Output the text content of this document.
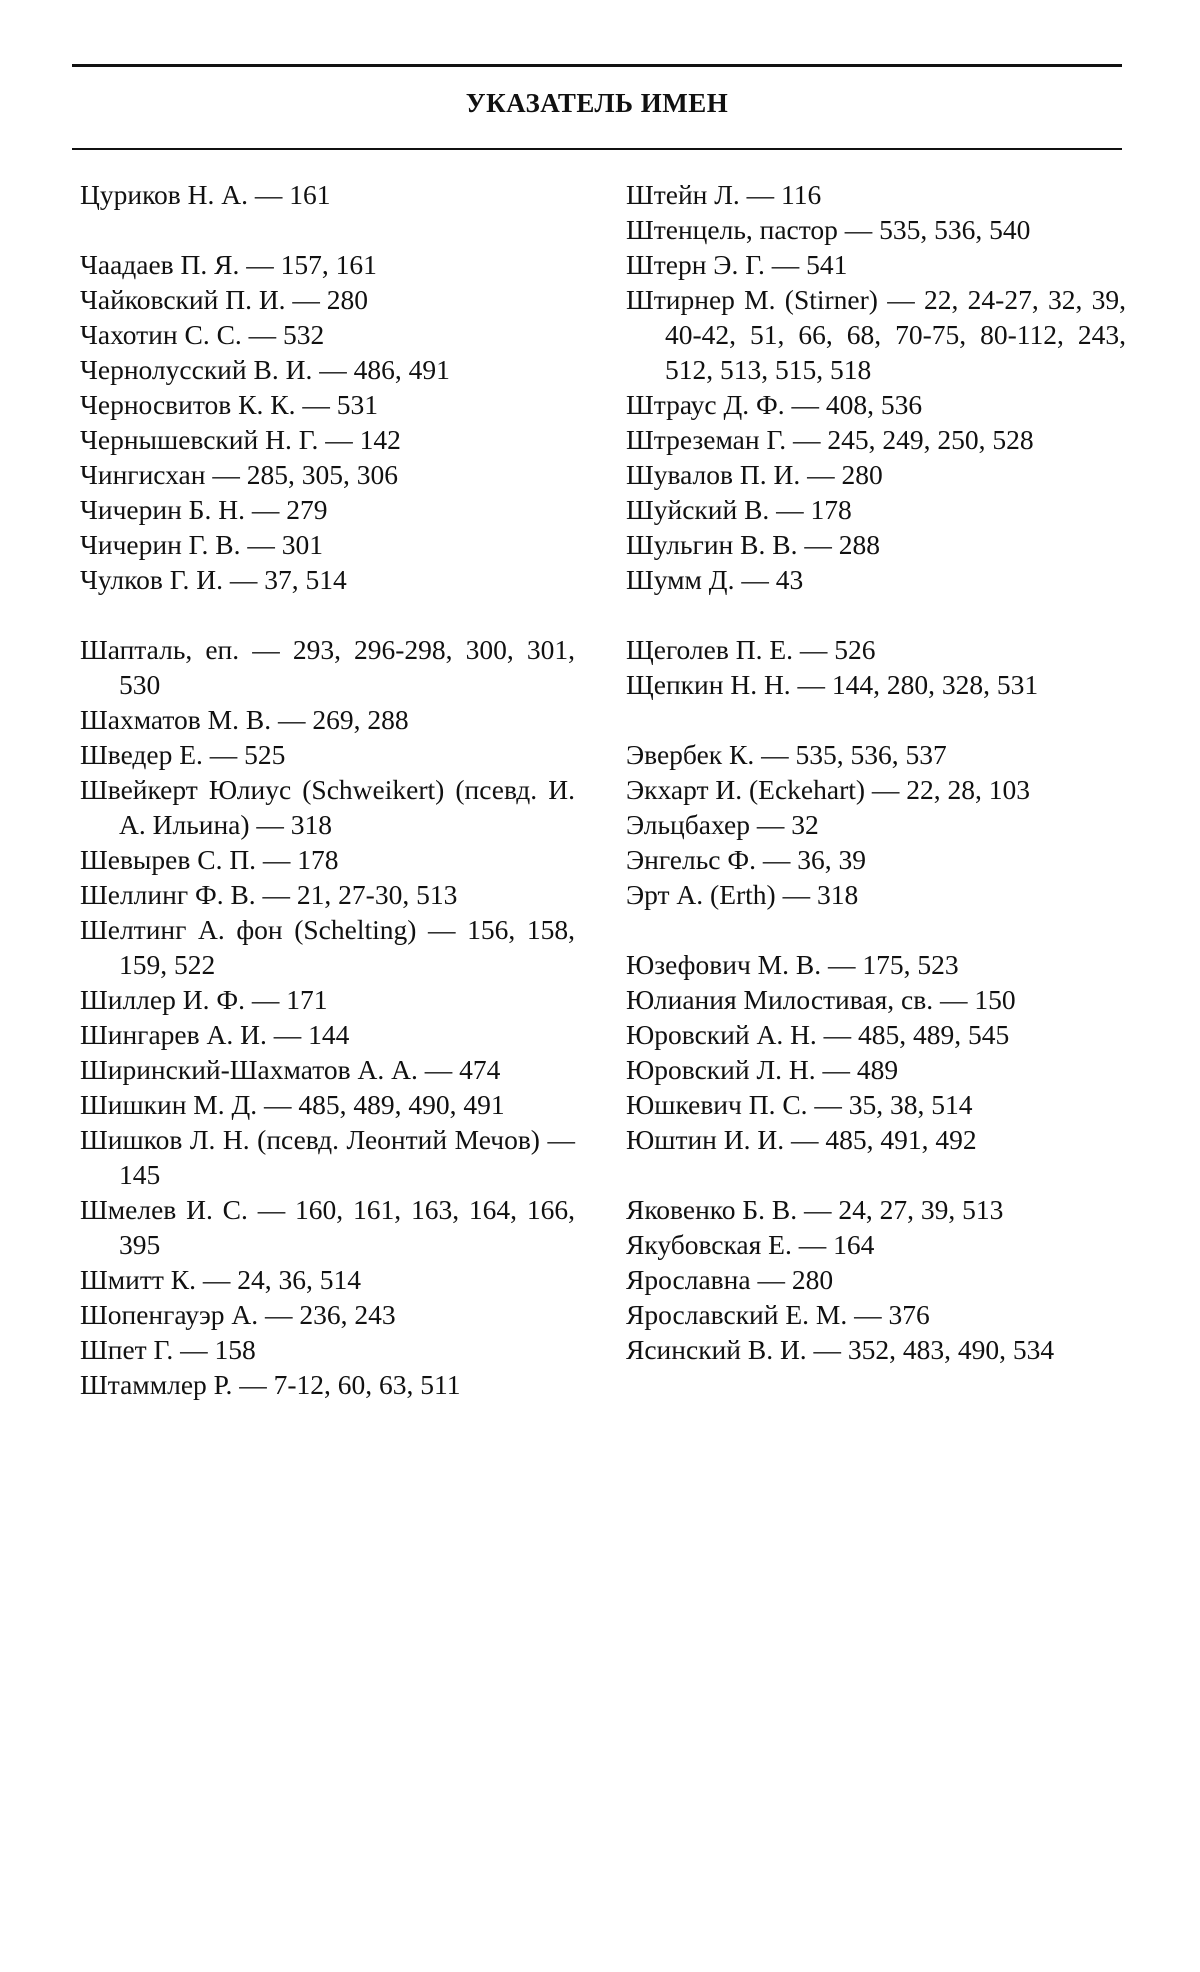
УКАЗАТЕЛЬ ИМЕН
Цуриков Н. А. — 161
Чаадаев П. Я. — 157, 161
Чайковский П. И. — 280
Чахотин С. С. — 532
Чернолусский В. И. — 486, 491
Черносвитов К. К. — 531
Чернышевский Н. Г. — 142
Чингисхан — 285, 305, 306
Чичерин Б. Н. — 279
Чичерин Г. В. — 301
Чулков Г. И. — 37, 514
Шапталь, еп. — 293, 296-298, 300, 301, 530
Шахматов М. В. — 269, 288
Шведер Е. — 525
Швейкерт Юлиус (Schweikert) (псевд. И. А. Ильина) — 318
Шевырев С. П. — 178
Шеллинг Ф. В. — 21, 27-30, 513
Шелтинг А. фон (Schelting) — 156, 158, 159, 522
Шиллер И. Ф. — 171
Шингарев А. И. — 144
Ширинский-Шахматов А. А. — 474
Шишкин М. Д. — 485, 489, 490, 491
Шишков Л. Н. (псевд. Леонтий Мечов) — 145
Шмелев И. С. — 160, 161, 163, 164, 166, 395
Шмитт К. — 24, 36, 514
Шопенгауэр А. — 236, 243
Шпет Г. — 158
Штаммлер Р. — 7-12, 60, 63, 511
Штейн Л. — 116
Штенцель, пастор — 535, 536, 540
Штерн Э. Г. — 541
Штирнер М. (Stirner) — 22, 24-27, 32, 39, 40-42, 51, 66, 68, 70-75, 80-112, 243, 512, 513, 515, 518
Штраус Д. Ф. — 408, 536
Штреземан Г. — 245, 249, 250, 528
Шувалов П. И. — 280
Шуйский В. — 178
Шульгин В. В. — 288
Шумм Д. — 43
Щеголев П. Е. — 526
Щепкин Н. Н. — 144, 280, 328, 531
Эвербек К. — 535, 536, 537
Экхарт И. (Eckehart) — 22, 28, 103
Эльцбахер — 32
Энгельс Ф. — 36, 39
Эрт А. (Erth) — 318
Юзефович М. В. — 175, 523
Юлиания Милостивая, св. — 150
Юровский А. Н. — 485, 489, 545
Юровский Л. Н. — 489
Юшкевич П. С. — 35, 38, 514
Юштин И. И. — 485, 491, 492
Яковенко Б. В. — 24, 27, 39, 513
Якубовская Е. — 164
Ярославна — 280
Ярославский Е. М. — 376
Ясинский В. И. — 352, 483, 490, 534
